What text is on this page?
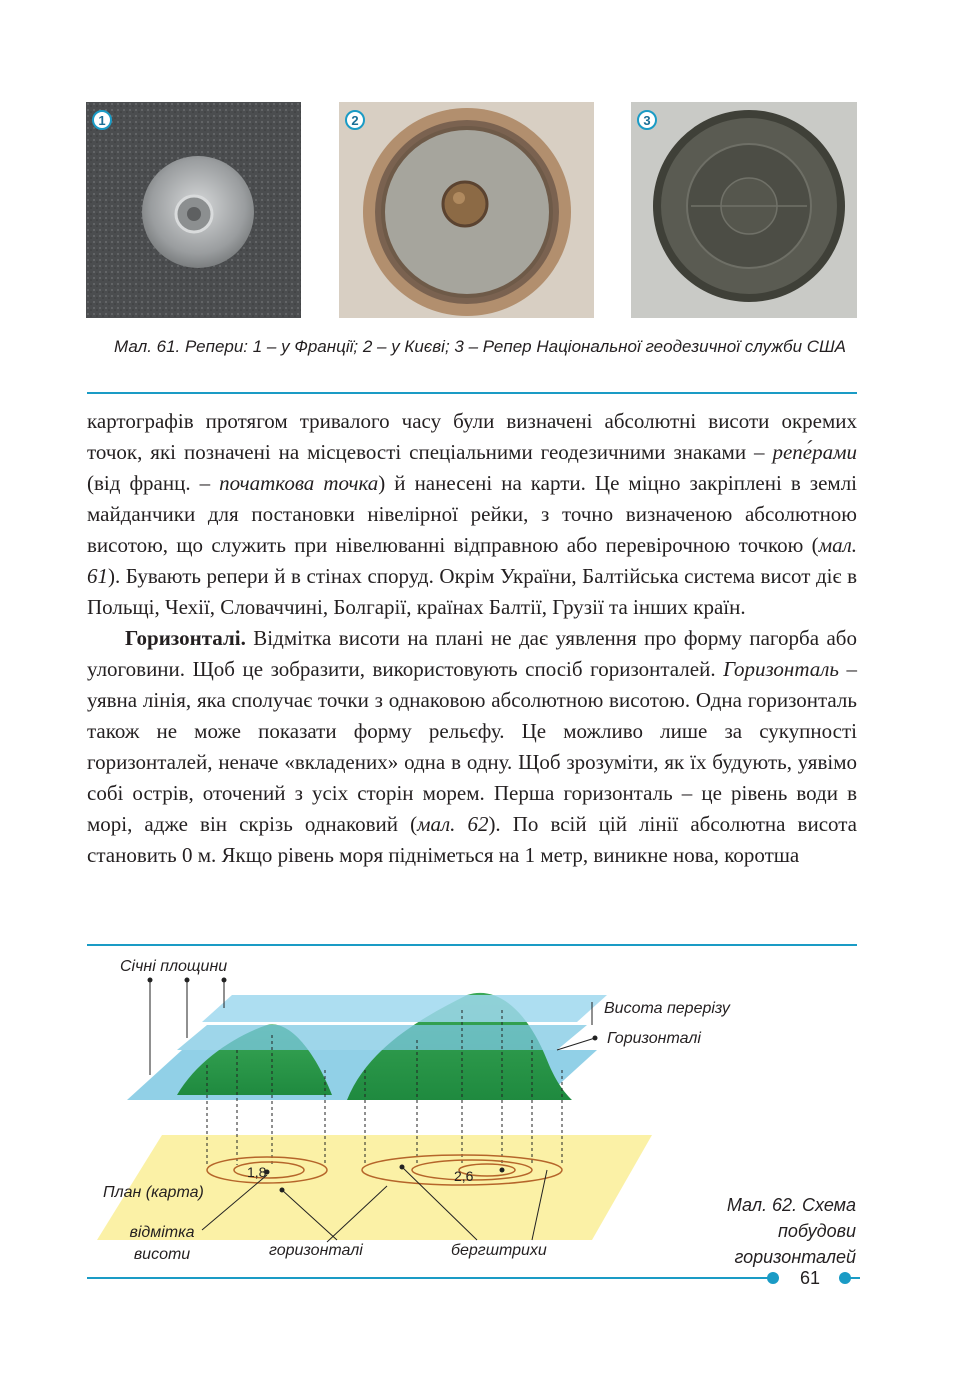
1	2	3
Мал. 61. Репери: 1 – у Франції; 2 – у Києві; 3 – Репер Національної геодезичної служби США

картографів протягом тривалого часу були визначені абсолютні висоти окремих точок, які позначені на місцевості спеціальними геодезичними знаками – репе́рами (від франц. – початкова точка) й нанесені на карти. Це міцно закріплені в землі майданчики для постановки нівелірної рейки, з точно визначеною абсолютною висотою, що служить при нівелюванні відправною або перевірочною точкою (мал. 61). Бувають репери й в стінах споруд. Окрім України, Балтійська система висот діє в Польщі, Чехії, Словаччині, Болгарії, країнах Балтії, Грузії та інших країн.

Горизонталі. Відмітка висоти на плані не дає уявлення про форму пагорба або улоговини. Щоб це зобразити, використовують спосіб горизонталей. Горизонталь – уявна лінія, яка сполучає точки з однаковою абсолютною висотою. Одна горизонталь також не може показати форму рельєфу. Це можливо лише за сукупності горизонталей, неначе «вкладених» одна в одну. Щоб зрозуміти, як їх будують, уявімо собі острів, оточений з усіх сторін морем. Перша горизонталь – це рівень води в морі, адже він скрізь однаковий (мал. 62). По всій цій лінії абсолютна висота становить 0 м. Якщо рівень моря підніметься на 1 метр, виникне нова, коротша

Січні площини
Висота перерізу
Горизонталі
План (карта)
відмітка висоти	горизонталі	бергштрихи
1,8	2,6
Мал. 62. Схема побудови горизонталей
61
